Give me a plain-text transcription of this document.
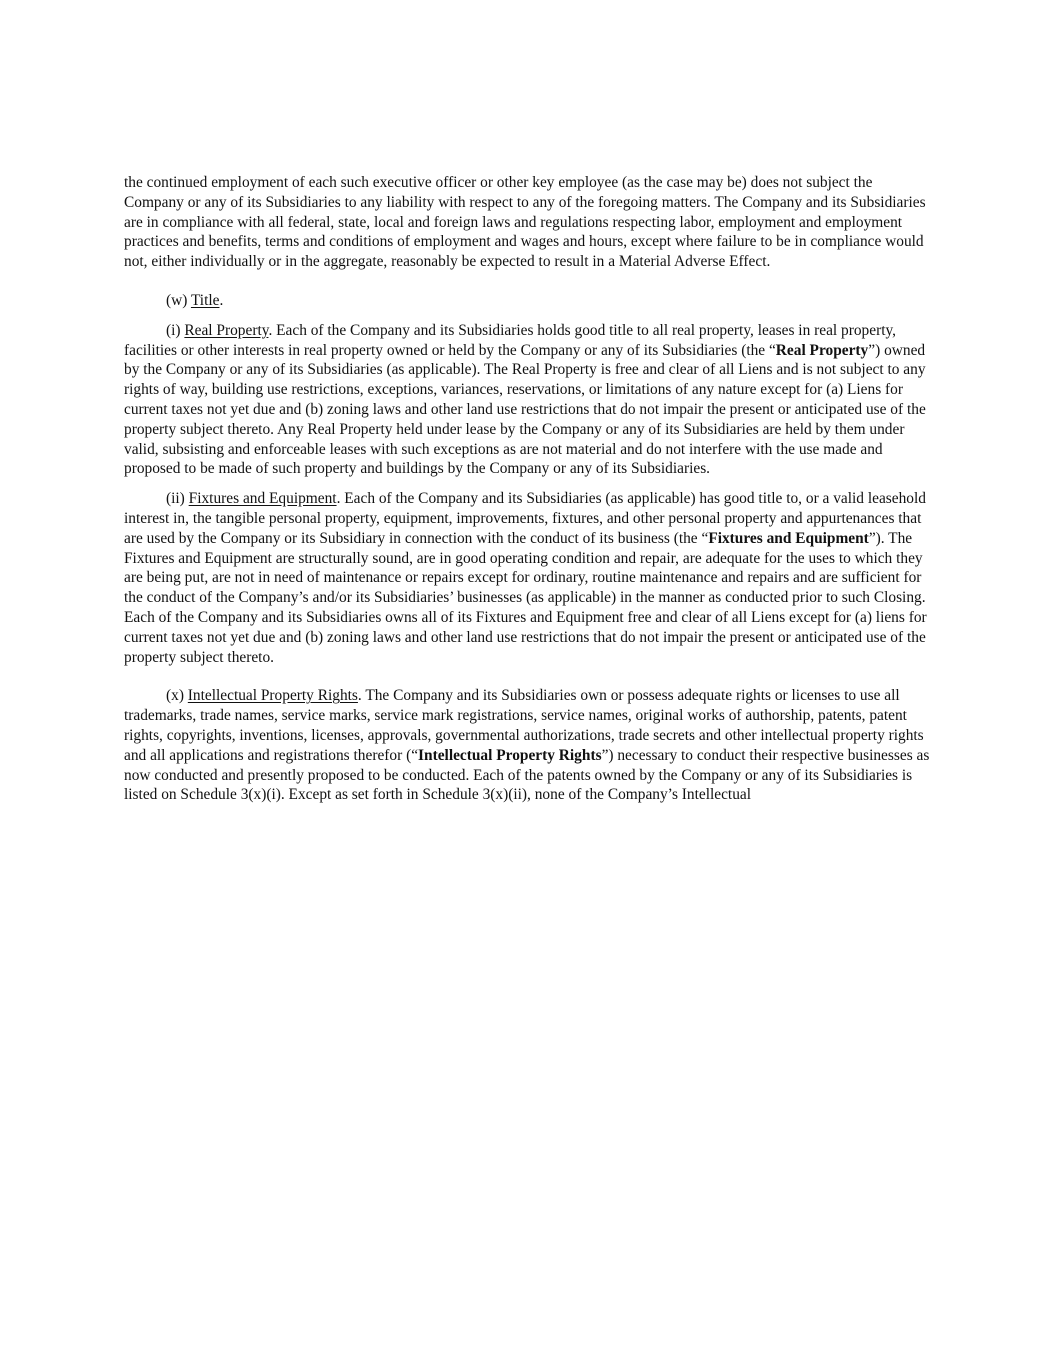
the continued employment of each such executive officer or other key employee (as the case may be) does not subject the Company or any of its Subsidiaries to any liability with respect to any of the foregoing matters. The Company and its Subsidiaries are in compliance with all federal, state, local and foreign laws and regulations respecting labor, employment and employment practices and benefits, terms and conditions of employment and wages and hours, except where failure to be in compliance would not, either individually or in the aggregate, reasonably be expected to result in a Material Adverse Effect.

(w) Title.

(i) Real Property. Each of the Company and its Subsidiaries holds good title to all real property, leases in real property, facilities or other interests in real property owned or held by the Company or any of its Subsidiaries (the “Real Property”) owned by the Company or any of its Subsidiaries (as applicable). The Real Property is free and clear of all Liens and is not subject to any rights of way, building use restrictions, exceptions, variances, reservations, or limitations of any nature except for (a) Liens for current taxes not yet due and (b) zoning laws and other land use restrictions that do not impair the present or anticipated use of the property subject thereto. Any Real Property held under lease by the Company or any of its Subsidiaries are held by them under valid, subsisting and enforceable leases with such exceptions as are not material and do not interfere with the use made and proposed to be made of such property and buildings by the Company or any of its Subsidiaries.

(ii) Fixtures and Equipment. Each of the Company and its Subsidiaries (as applicable) has good title to, or a valid leasehold interest in, the tangible personal property, equipment, improvements, fixtures, and other personal property and appurtenances that are used by the Company or its Subsidiary in connection with the conduct of its business (the “Fixtures and Equipment”). The Fixtures and Equipment are structurally sound, are in good operating condition and repair, are adequate for the uses to which they are being put, are not in need of maintenance or repairs except for ordinary, routine maintenance and repairs and are sufficient for the conduct of the Company’s and/or its Subsidiaries’ businesses (as applicable) in the manner as conducted prior to such Closing. Each of the Company and its Subsidiaries owns all of its Fixtures and Equipment free and clear of all Liens except for (a) liens for current taxes not yet due and (b) zoning laws and other land use restrictions that do not impair the present or anticipated use of the property subject thereto.

(x) Intellectual Property Rights. The Company and its Subsidiaries own or possess adequate rights or licenses to use all trademarks, trade names, service marks, service mark registrations, service names, original works of authorship, patents, patent rights, copyrights, inventions, licenses, approvals, governmental authorizations, trade secrets and other intellectual property rights and all applications and registrations therefor (“Intellectual Property Rights”) necessary to conduct their respective businesses as now conducted and presently proposed to be conducted. Each of the patents owned by the Company or any of its Subsidiaries is listed on Schedule 3(x)(i). Except as set forth in Schedule 3(x)(ii), none of the Company’s Intellectual
